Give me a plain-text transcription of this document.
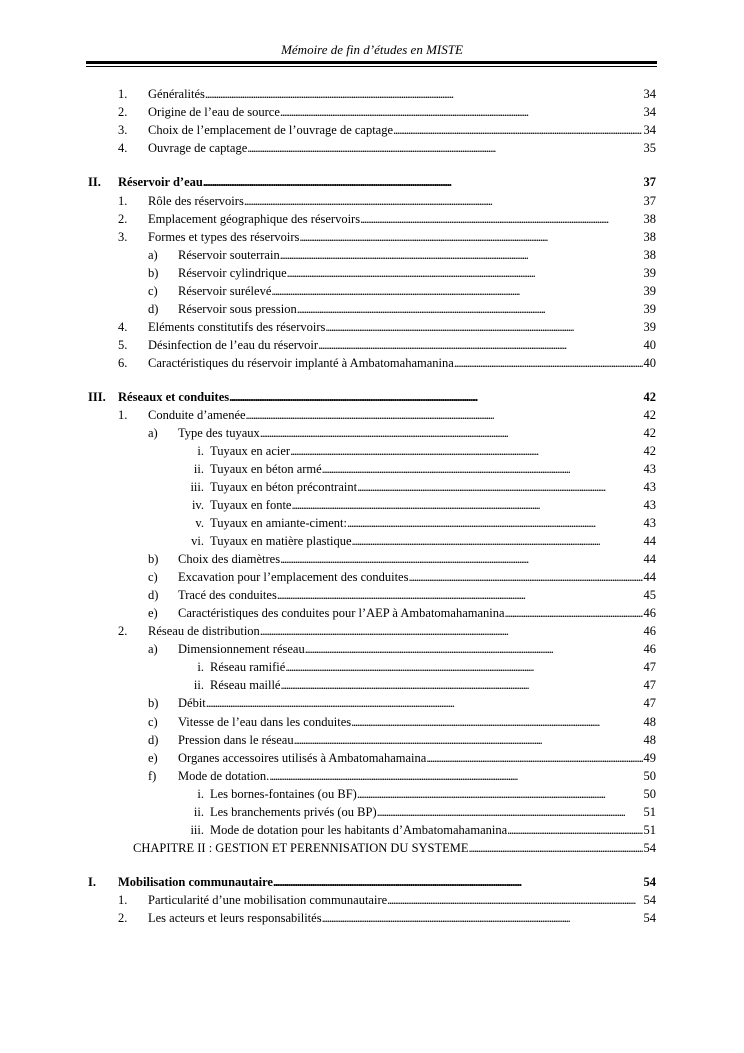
Mémoire de fin d’études en MISTE
1.	Généralités . . .	34
2.	Origine de l’eau de source . . .	34
3.	Choix de l’emplacement de l’ouvrage de captage . . .	34
4.	Ouvrage de captage . . .	35
II.	Réservoir d’eau . . .	37
1.	Rôle des réservoirs . . .	37
2.	Emplacement géographique des réservoirs . . .	38
3.	Formes et types des réservoirs . . .	38
a)	Réservoir souterrain . . .	38
b)	Réservoir cylindrique . . .	39
c)	Réservoir surélevé . . .	39
d)	Réservoir sous pression . . .	39
4.	Eléments constitutifs des réservoirs . . .	39
5.	Désinfection de l’eau du réservoir . . .	40
6.	Caractéristiques du réservoir implanté à Ambatomahamanina . . .	40
III. Réseaux et conduites . . .	42
1.	Conduite d’amenée . . .	42
a)	Type des tuyaux . . .	42
i. Tuyaux en acier . . .	42
ii. Tuyaux en béton armé . . .	43
iii. Tuyaux en béton précontraint . . .	43
iv. Tuyaux en fonte . . .	43
v. Tuyaux en amiante-ciment: . . .	43
vi. Tuyaux en matière plastique . . .	44
b)	Choix des diamètres . . .	44
c)	Excavation pour l’emplacement des conduites . . .	44
d)	Tracé des conduites . . .	45
e)	Caractéristiques des conduites pour l’AEP à Ambatomahamanina . . .	46
2.	Réseau de distribution . . .	46
a)	Dimensionnement réseau . . .	46
i. Réseau ramifié . . .	47
ii. Réseau maillé . . .	47
b)	Débit . . .	47
c)	Vitesse de l’eau dans les conduites . . .	48
d)	Pression dans le réseau . . .	48
e)	Organes accessoires utilisés à Ambatomahamaina . . .	49
f)	Mode de dotation. . . .	50
i. Les bornes-fontaines (ou BF) . . .	50
ii. Les branchements privés (ou BP) . . .	51
iii. Mode de dotation pour les habitants d’Ambatomahamanina . . .	51
CHAPITRE II : GESTION ET PERENNISATION DU SYSTEME . . .	54
I.	Mobilisation communautaire . . .	54
1.	Particularité d’une mobilisation communautaire . . .	54
2.	Les acteurs et leurs responsabilités . . .	54
